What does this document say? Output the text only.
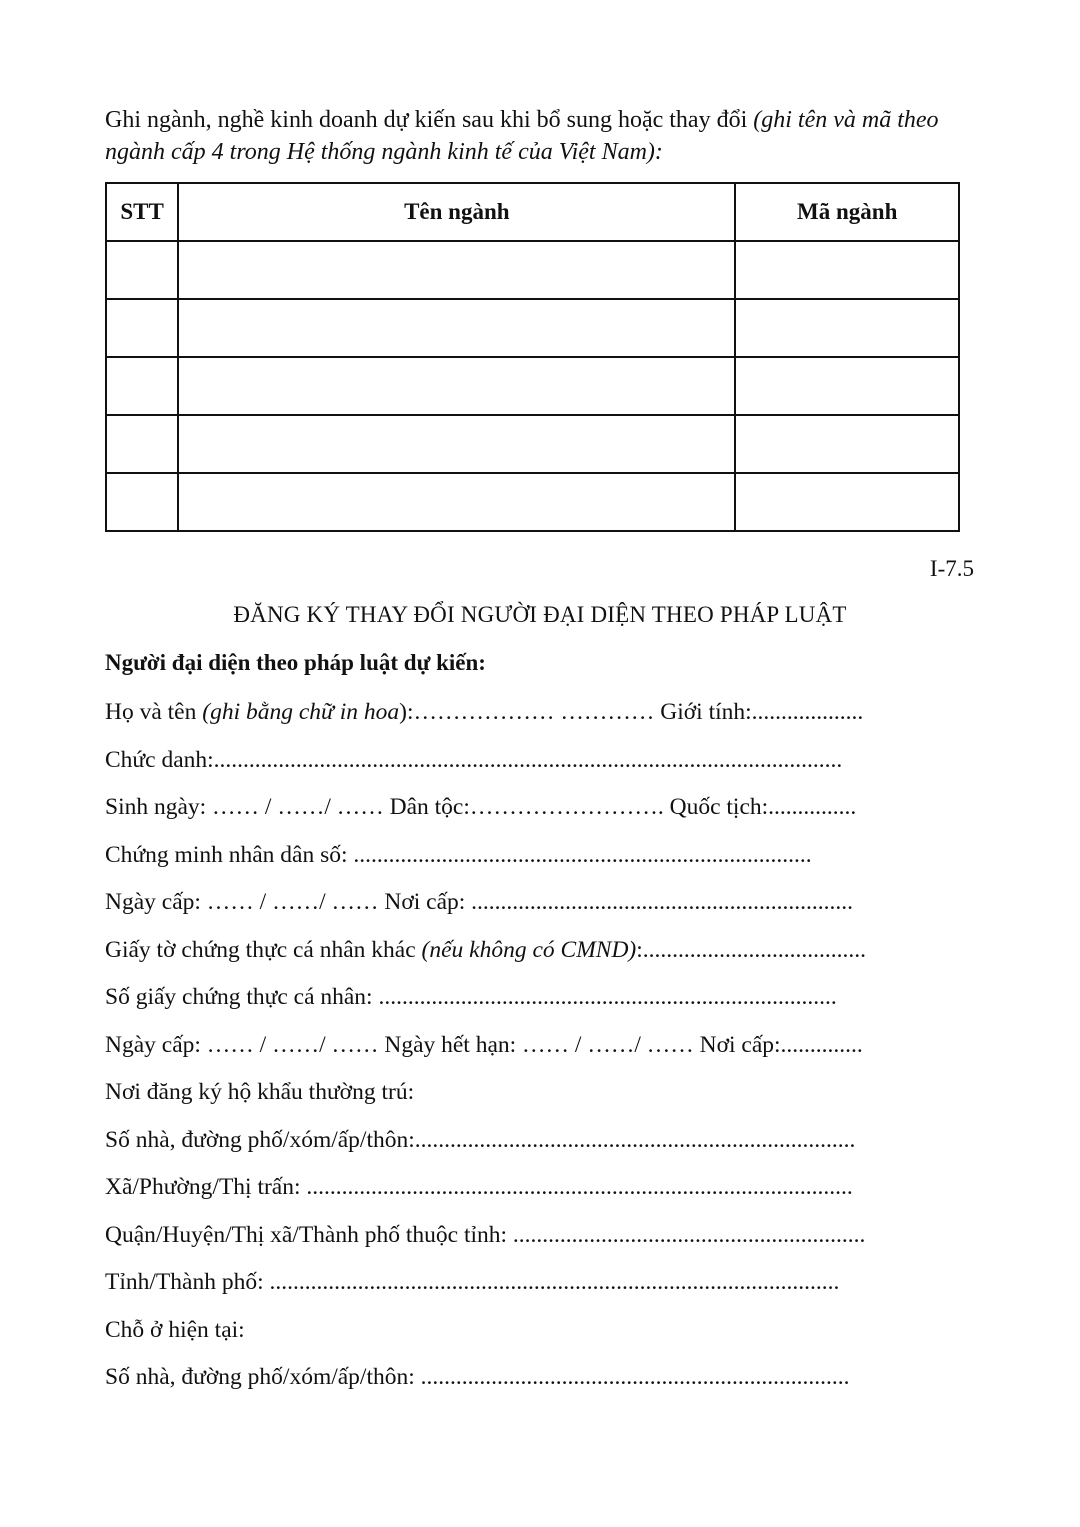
Ghi ngành, nghề kinh doanh dự kiến sau khi bổ sung hoặc thay đổi (ghi tên và mã theo ngành cấp 4 trong Hệ thống ngành kinh tế của Việt Nam):

STT	Tên ngành	Mã ngành

I-7.5

ĐĂNG KÝ THAY ĐỔI NGƯỜI ĐẠI DIỆN THEO PHÁP LUẬT

Người đại diện theo pháp luật dự kiến:

Họ và tên (ghi bằng chữ in hoa):……………… ………… Giới tính:...................
Chức danh:...........................................................................................................
Sinh ngày: …… / ……/ …… Dân tộc:……………………. Quốc tịch:...............
Chứng minh nhân dân số: ..............................................................................
Ngày cấp: …… / ……/ …… Nơi cấp: .................................................................
Giấy tờ chứng thực cá nhân khác (nếu không có CMND):......................................
Số giấy chứng thực cá nhân: ..............................................................................
Ngày cấp: …… / ……/ …… Ngày hết hạn: …… / ……/ …… Nơi cấp:..............
Nơi đăng ký hộ khẩu thường trú:
Số nhà, đường phố/xóm/ấp/thôn:...........................................................................
Xã/Phường/Thị trấn: .............................................................................................
Quận/Huyện/Thị xã/Thành phố thuộc tỉnh: ............................................................
Tỉnh/Thành phố: .................................................................................................
Chỗ ở hiện tại:
Số nhà, đường phố/xóm/ấp/thôn: .........................................................................
